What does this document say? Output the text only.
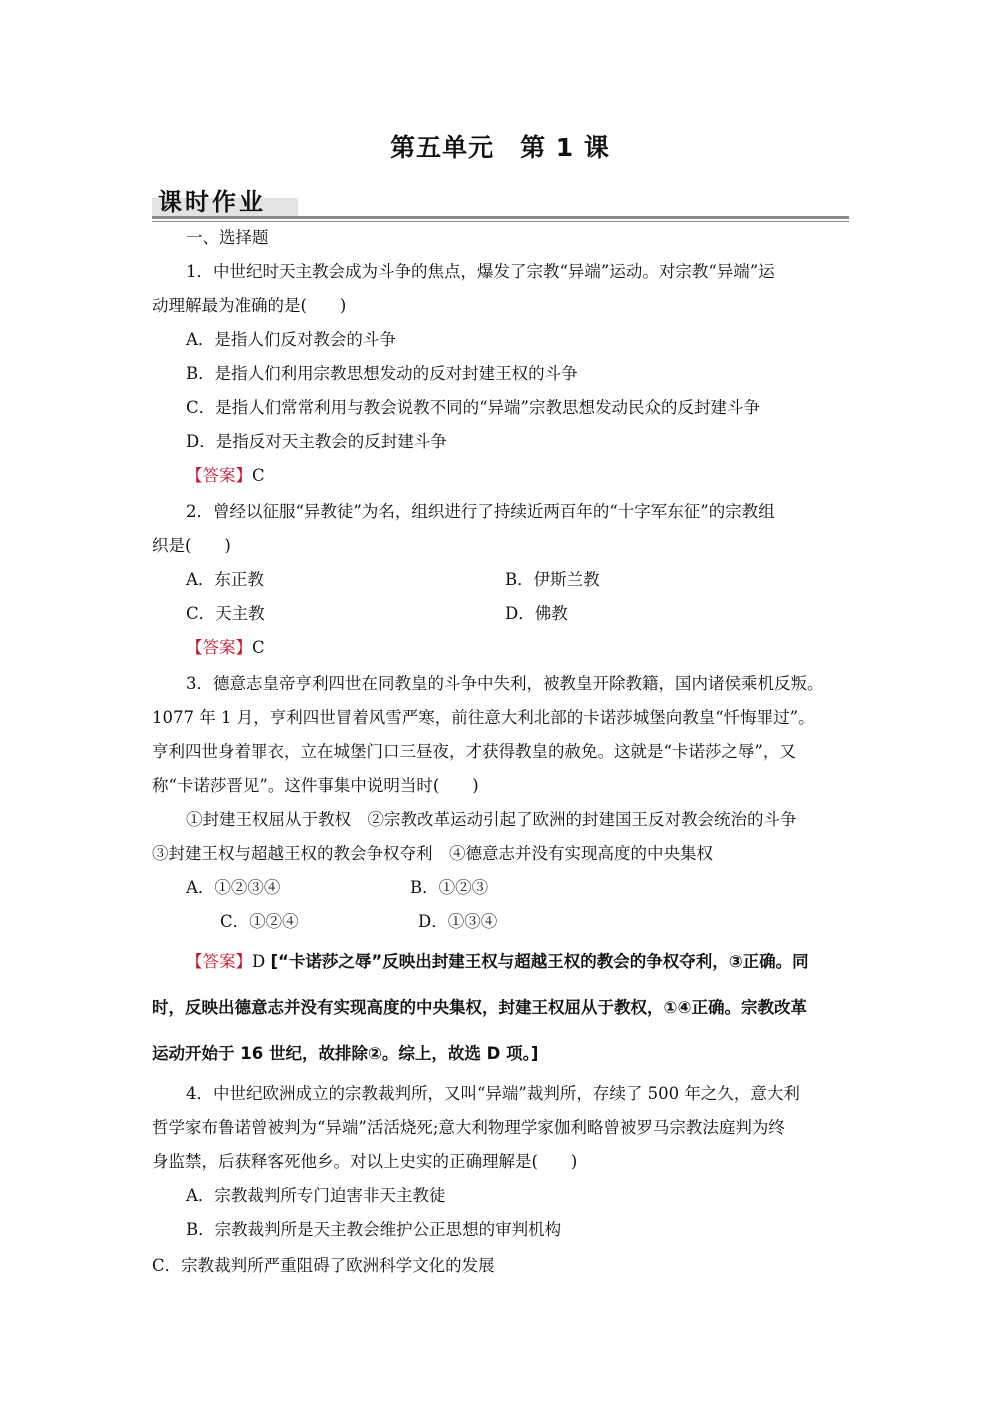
第五单元　第 1 课
课时作业
一、选择题
1．中世纪时天主教会成为斗争的焦点，爆发了宗教“异端”运动。对宗教“异端”运
动理解最为准确的是(　　)
A．是指人们反对教会的斗争
B．是指人们利用宗教思想发动的反对封建王权的斗争
C．是指人们常常利用与教会说教不同的“异端”宗教思想发动民众的反封建斗争
D．是指反对天主教会的反封建斗争
【答案】C
2．曾经以征服“异教徒”为名，组织进行了持续近两百年的“十字军东征”的宗教组
织是(　　)
A．东正教	B．伊斯兰教
C．天主教	D．佛教
【答案】C
3．德意志皇帝亨利四世在同教皇的斗争中失利，被教皇开除教籍，国内诸侯乘机反叛。
1077 年 1 月，亨利四世冒着风雪严寒，前往意大利北部的卡诺莎城堡向教皇“忏悔罪过”。
亨利四世身着罪衣，立在城堡门口三昼夜，才获得教皇的赦免。这就是“卡诺莎之辱”，又
称“卡诺莎晋见”。这件事集中说明当时(　　)
①封建王权屈从于教权　②宗教改革运动引起了欧洲的封建国王反对教会统治的斗争
③封建王权与超越王权的教会争权夺利　④德意志并没有实现高度的中央集权
A．①②③④	B．①②③
C．①②④	D．①③④
【答案】D [“卡诺莎之辱”反映出封建王权与超越王权的教会的争权夺利，③正确。同
时，反映出德意志并没有实现高度的中央集权，封建王权屈从于教权，①④正确。宗教改革
运动开始于 16 世纪，故排除②。综上，故选 D 项。]
4．中世纪欧洲成立的宗教裁判所，又叫“异端”裁判所，存续了 500 年之久，意大利
哲学家布鲁诺曾被判为“异端”活活烧死;意大利物理学家伽利略曾被罗马宗教法庭判为终
身监禁，后获释客死他乡。对以上史实的正确理解是(　　)
A．宗教裁判所专门迫害非天主教徒
B．宗教裁判所是天主教会维护公正思想的审判机构
C．宗教裁判所严重阻碍了欧洲科学文化的发展
